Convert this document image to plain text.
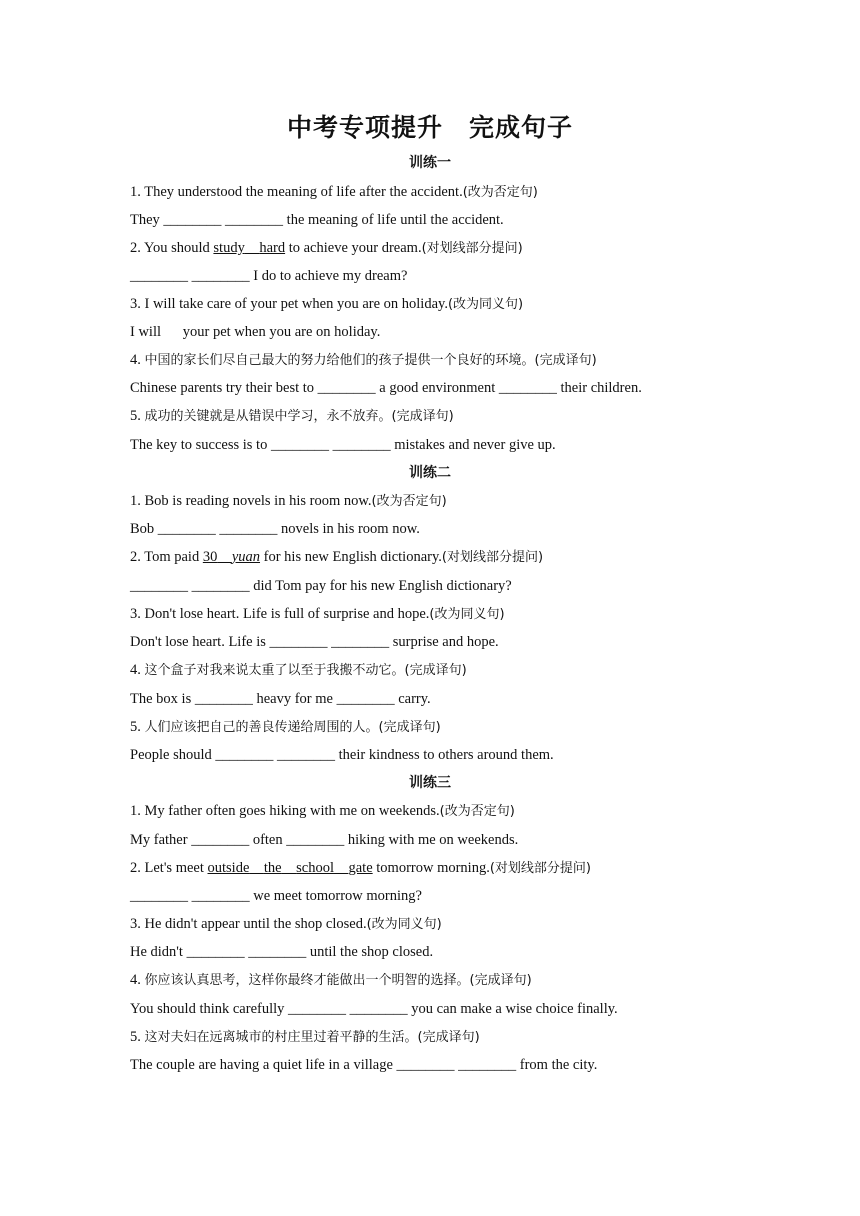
中考专项提升　完成句子
训练一
1. They understood the meaning of life after the accident.(改为否定句)
They ________ ________ the meaning of life until the accident.
2. You should study　 hard to achieve your dream.(对划线部分提问)
________ ________ I do to achieve my dream?
3. I will take care of your pet when you are on holiday.(改为同义句)
I will 　 your pet when you are on holiday.
4. 中国的家长们尽自己最大的努力给他们的孩子提供一个良好的环境。(完成译句)
Chinese parents try their best to ________ a good environment ________ their children.
5. 成功的关键就是从错误中学习，永不放弃。(完成译句)
The key to success is to ________ ________ mistakes and never give up.
训练二
1. Bob is reading novels in his room now.(改为否定句)
Bob ________ ________ novels in his room now.
2. Tom paid 30　 yuan for his new English dictionary.(对划线部分提问)
________ ________ did Tom pay for his new English dictionary?
3. Don't lose heart. Life is full of surprise and hope.(改为同义句)
Don't lose heart. Life is ________ ________ surprise and hope.
4. 这个盒子对我来说太重了以至于我搬不动它。(完成译句)
The box is ________ heavy for me ________ carry.
5. 人们应该把自己的善良传递给周围的人。(完成译句)
People should ________ ________ their kindness to others around them.
训练三
1. My father often goes hiking with me on weekends.(改为否定句)
My father ________ often ________ hiking with me on weekends.
2. Let's meet outside　 the　 school　 gate tomorrow morning.(对划线部分提问)
________ ________ we meet tomorrow morning?
3. He didn't appear until the shop closed.(改为同义句)
He didn't ________ ________ until the shop closed.
4. 你应该认真思考，这样你最终才能做出一个明智的选择。(完成译句)
You should think carefully ________ ________ you can make a wise choice finally.
5. 这对夫妇在远离城市的村庄里过着平静的生活。(完成译句)
The couple are having a quiet life in a village ________ ________ from the city.
